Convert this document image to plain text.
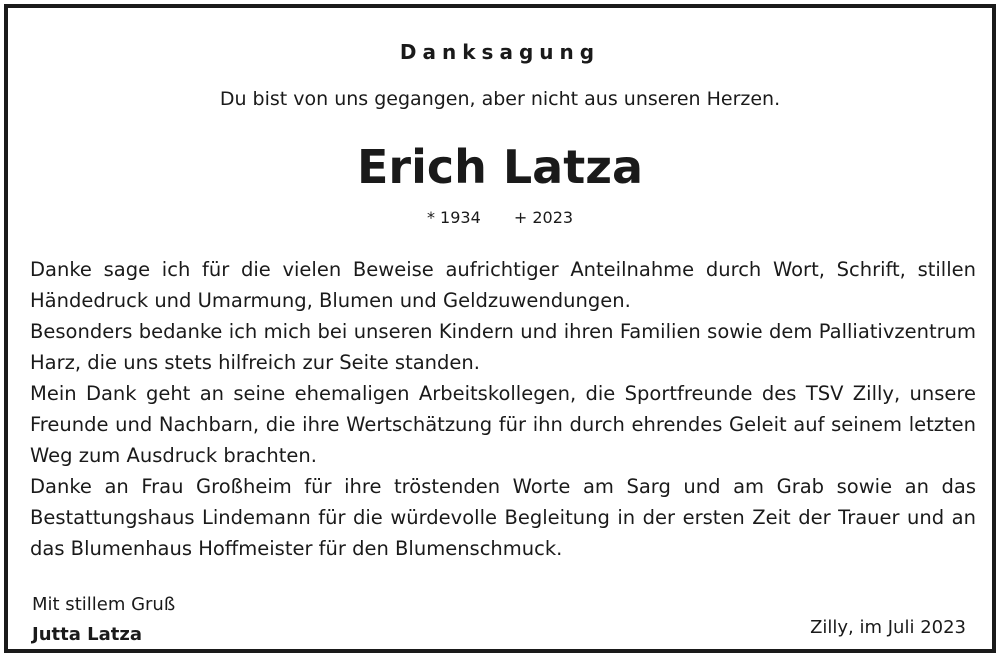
Danksagung
Du bist von uns gegangen, aber nicht aus unseren Herzen.
Erich Latza
* 1934 + 2023

Danke sage ich für die vielen Beweise aufrichtiger Anteilnahme durch Wort, Schrift, stillen Händedruck und Umarmung, Blumen und Geldzuwendungen.

Besonders bedanke ich mich bei unseren Kindern und ihren Familien sowie dem Palliativzentrum Harz, die uns stets hilfreich zur Seite standen.

Mein Dank geht an seine ehemaligen Arbeitskollegen, die Sportfreunde des TSV Zilly, unsere Freunde und Nachbarn, die ihre Wertschätzung für ihn durch ehrendes Geleit auf seinem letzten Weg zum Ausdruck brachten.

Danke an Frau Großheim für ihre tröstenden Worte am Sarg und am Grab sowie an das Bestattungshaus Lindemann für die würdevolle Begleitung in der ersten Zeit der Trauer und an das Blumenhaus Hoffmeister für den Blumenschmuck.

Mit stillem Gruß
Jutta Latza	Zilly, im Juli 2023
